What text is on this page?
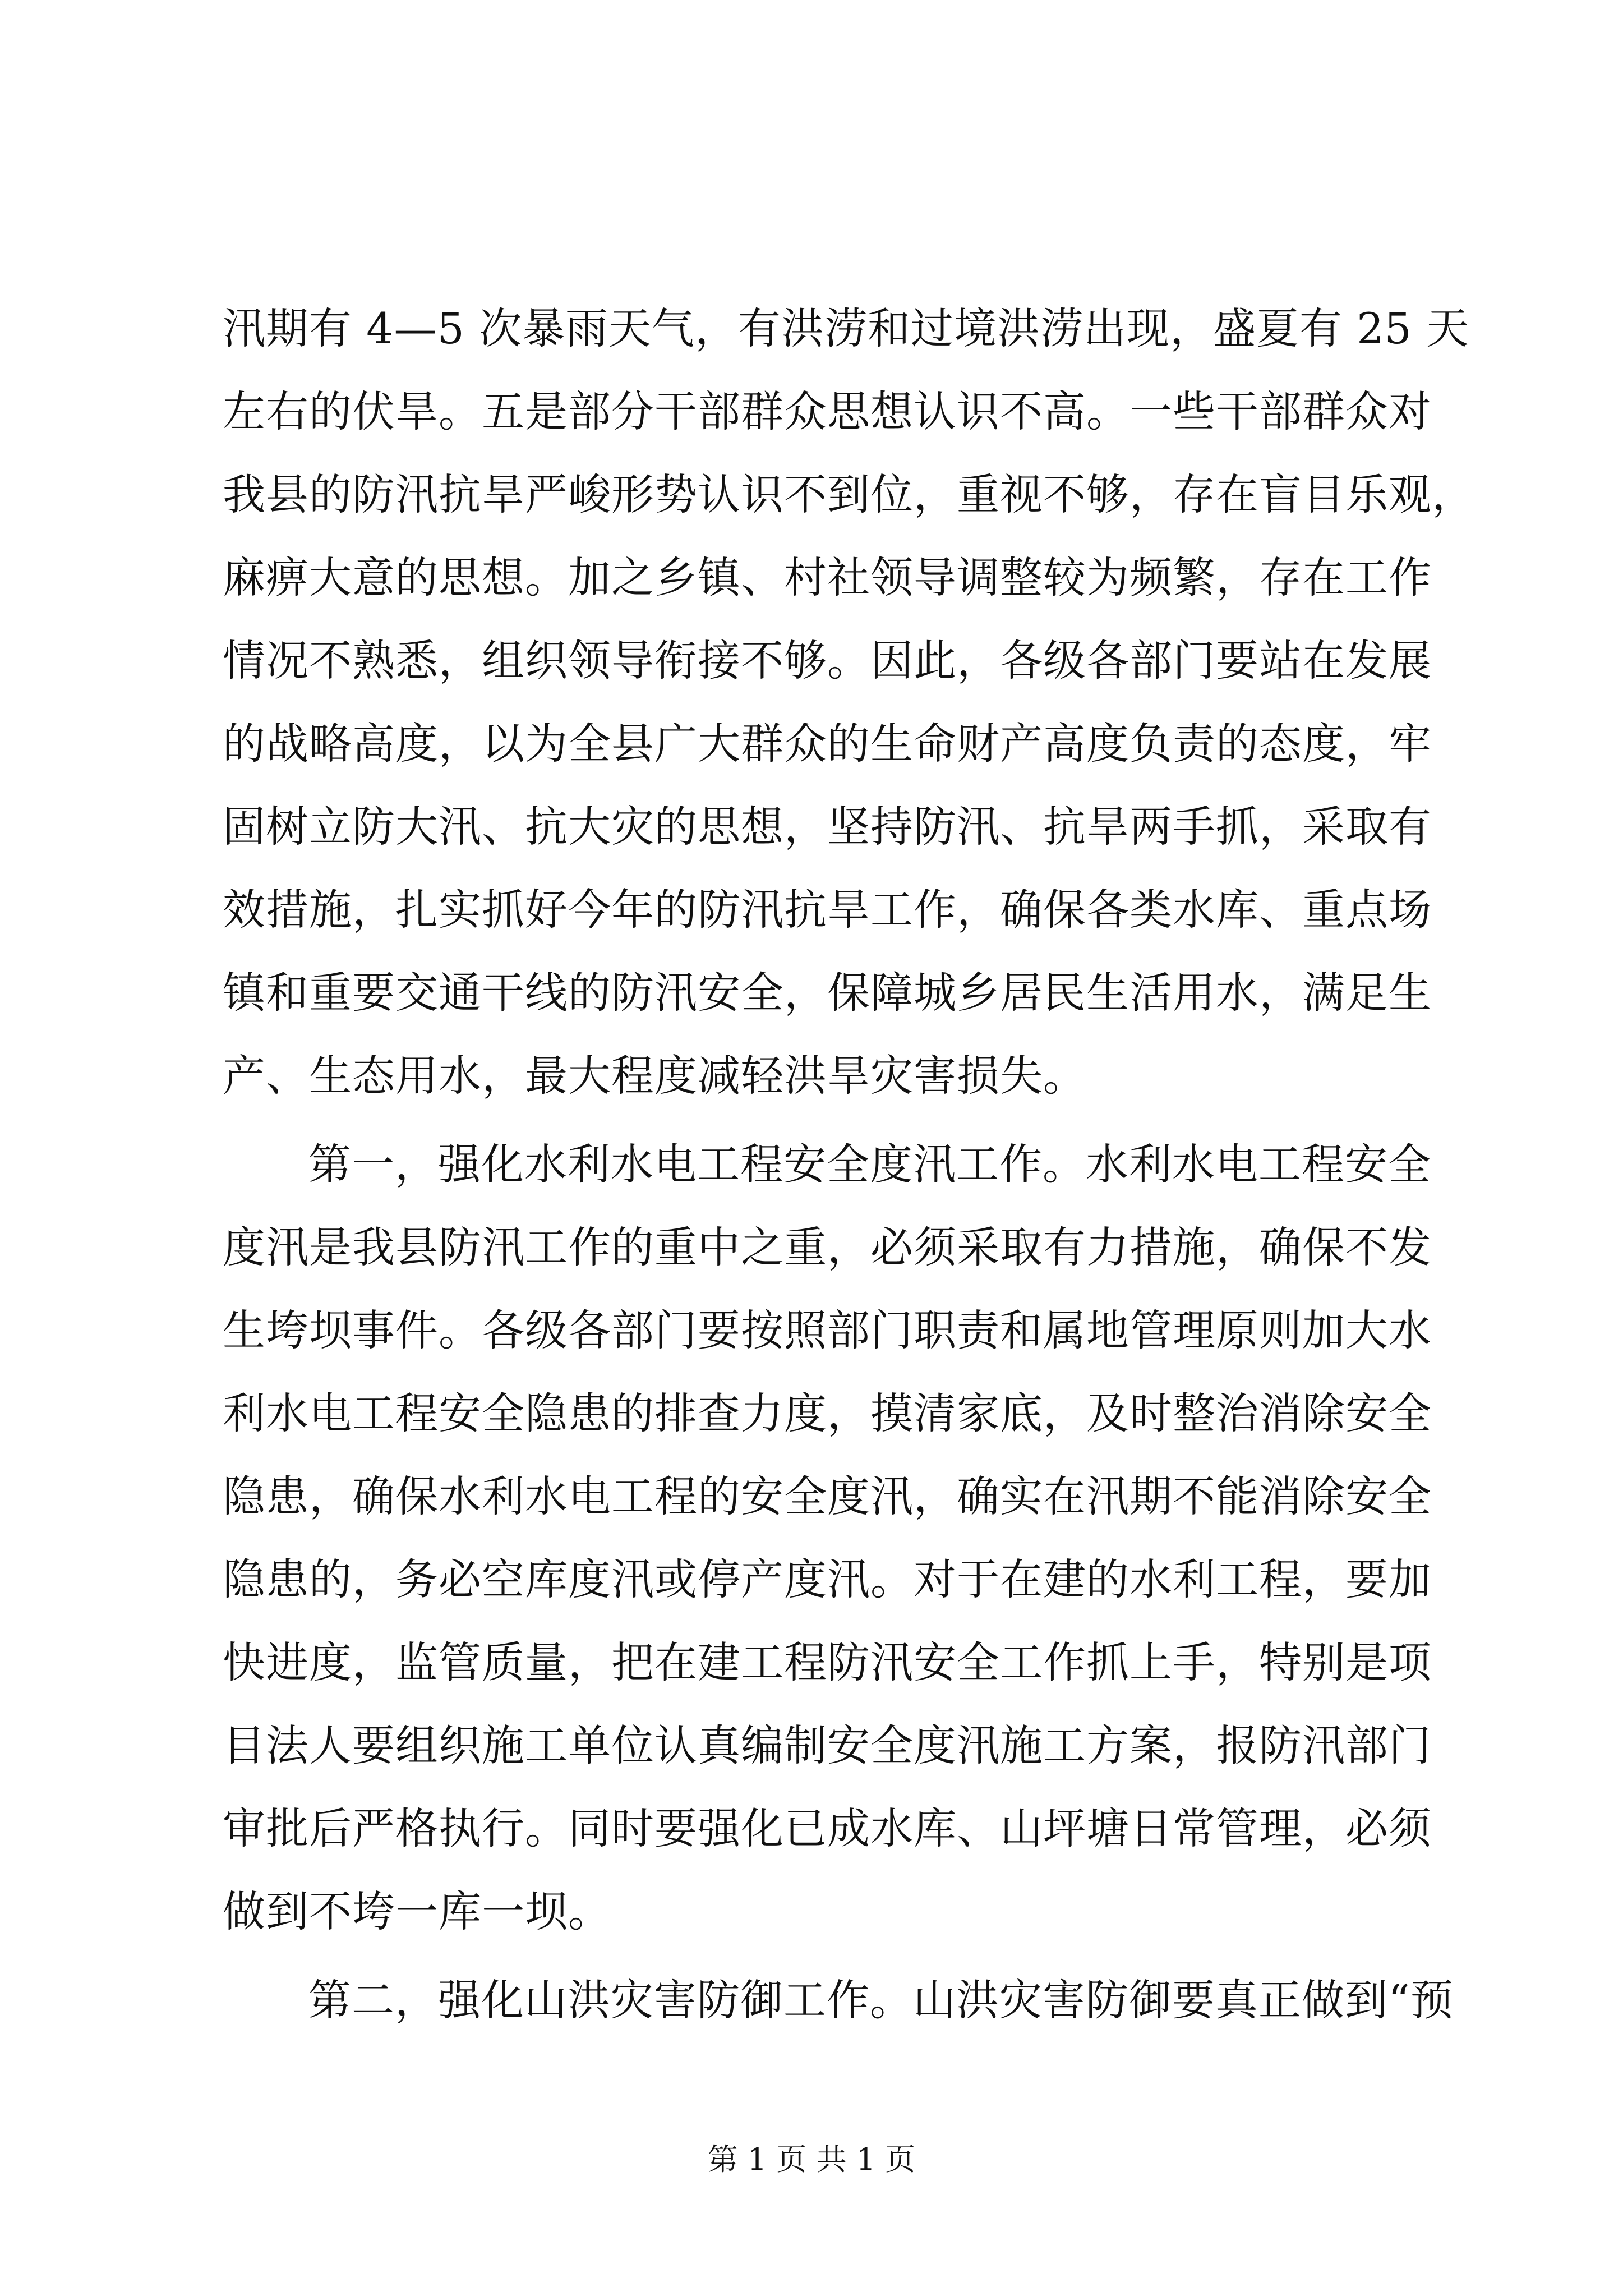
汛期有 4—5 次暴雨天气，有洪涝和过境洪涝出现，盛夏有 25 天
左右的伏旱。五是部分干部群众思想认识不高。一些干部群众对
我县的防汛抗旱严峻形势认识不到位，重视不够，存在盲目乐观，
麻痹大意的思想。加之乡镇、村社领导调整较为频繁，存在工作
情况不熟悉，组织领导衔接不够。因此，各级各部门要站在发展
的战略高度，以为全县广大群众的生命财产高度负责的态度，牢
固树立防大汛、抗大灾的思想，坚持防汛、抗旱两手抓，采取有
效措施，扎实抓好今年的防汛抗旱工作，确保各类水库、重点场
镇和重要交通干线的防汛安全，保障城乡居民生活用水，满足生
产、生态用水，最大程度减轻洪旱灾害损失。
第一，强化水利水电工程安全度汛工作。水利水电工程安全
度汛是我县防汛工作的重中之重，必须采取有力措施，确保不发
生垮坝事件。各级各部门要按照部门职责和属地管理原则加大水
利水电工程安全隐患的排查力度，摸清家底，及时整治消除安全
隐患，确保水利水电工程的安全度汛，确实在汛期不能消除安全
隐患的，务必空库度汛或停产度汛。对于在建的水利工程，要加
快进度，监管质量，把在建工程防汛安全工作抓上手，特别是项
目法人要组织施工单位认真编制安全度汛施工方案，报防汛部门
审批后严格执行。同时要强化已成水库、山坪塘日常管理，必须
做到不垮一库一坝。
第二，强化山洪灾害防御工作。山洪灾害防御要真正做到“预
第 1 页 共 1 页
